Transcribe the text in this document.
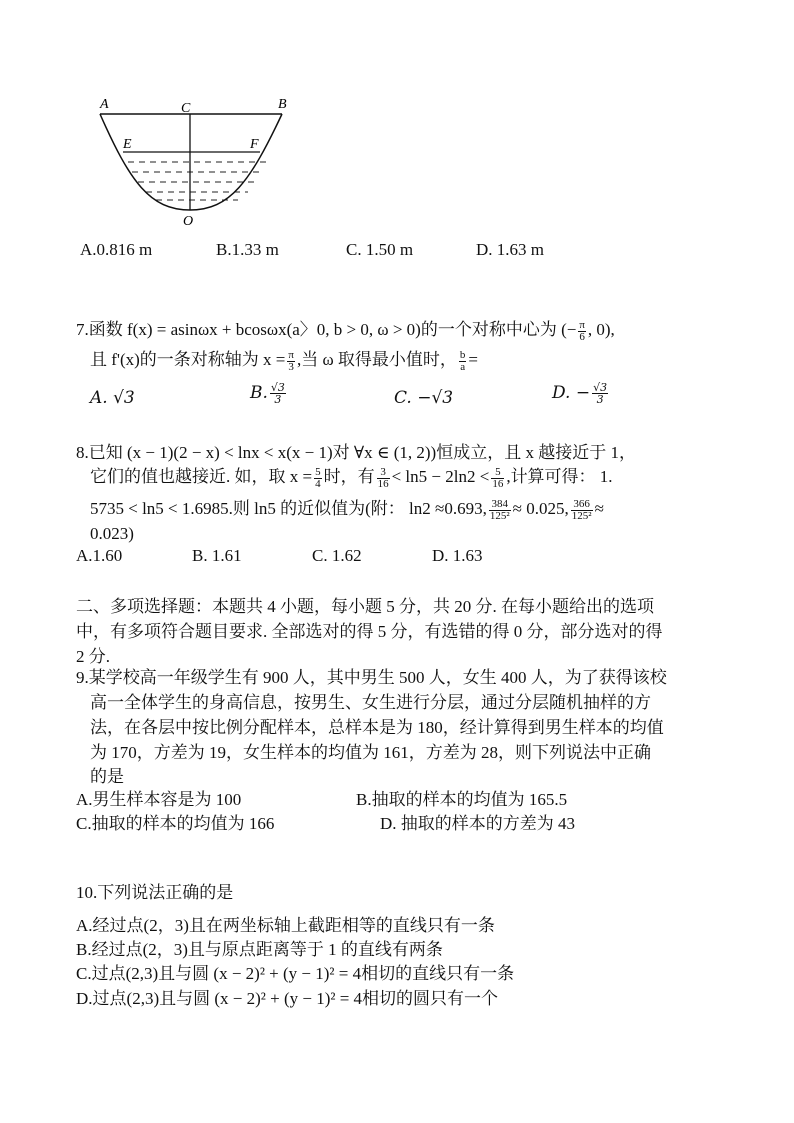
A	C	B
E	F
O
A.0.816 m	B.1.33 m	C. 1.50 m	D. 1.63 m
7.函数 f(x) = asinωx + bcosωx(a〉0, b > 0, ω > 0)的一个对称中心为 (− $\frac{\pi}{6}$ , 0),
且 f'(x)的一条对称轴为 $x = \frac{\pi}{3}$ ,当 ω 取得最小值时， $\frac{b}{a}$ =
A. √3	B. $\frac{√3}{3}$	C. −√3	D. − $\frac{√3}{3}$
8.已知 (x − 1)(2 − x) < lnx < x(x − 1)对 ∀x ∈ (1, 2))恒成立，且 x 越接近于 1，
它们的值也越接近. 如，取 $x = \frac{5}{4}$ 时，有 $\frac{3}{16} < \ln 5 - 2\ln 2 < \frac{5}{16}$ ,计算可得： 1.
5735 < ln5 < 1.6985.则 ln5 的近似值为(附： ln2 ≈0.693, $\frac{384}{\text{125²}} \approx 0.025$, $\frac{366}{\text{125²}}$ ≈
0.023)
A.1.60	B. 1.61	C. 1.62	D. 1.63
二、多项选择题：本题共 4 小题，每小题 5 分，共 20 分. 在每小题给出的选项
中，有多项符合题目要求. 全部选对的得 5 分，有选错的得 0 分，部分选对的得
2 分.
9.某学校高一年级学生有 900 人，其中男生 500 人，女生 400 人，为了获得该校
高一全体学生的身高信息，按男生、女生进行分层，通过分层随机抽样的方
法，在各层中按比例分配样本，总样本是为 180，经计算得到男生样本的均值
为 170，方差为 19，女生样本的均值为 161，方差为 28，则下列说法中正确
的是
A.男生样本容是为 100	B.抽取的样本的均值为 165.5
C.抽取的样本的均值为 166	D. 抽取的样本的方差为 43
10.下列说法正确的是
A.经过点(2，3)且在两坐标轴上截距相等的直线只有一条
B.经过点(2，3)且与原点距离等于 1 的直线有两条
C.过点(2,3)且与圆 (x − 2)² + (y − 1)² = 4相切的直线只有一条
D.过点(2,3)且与圆 (x − 2)² + (y − 1)² = 4相切的圆只有一个
